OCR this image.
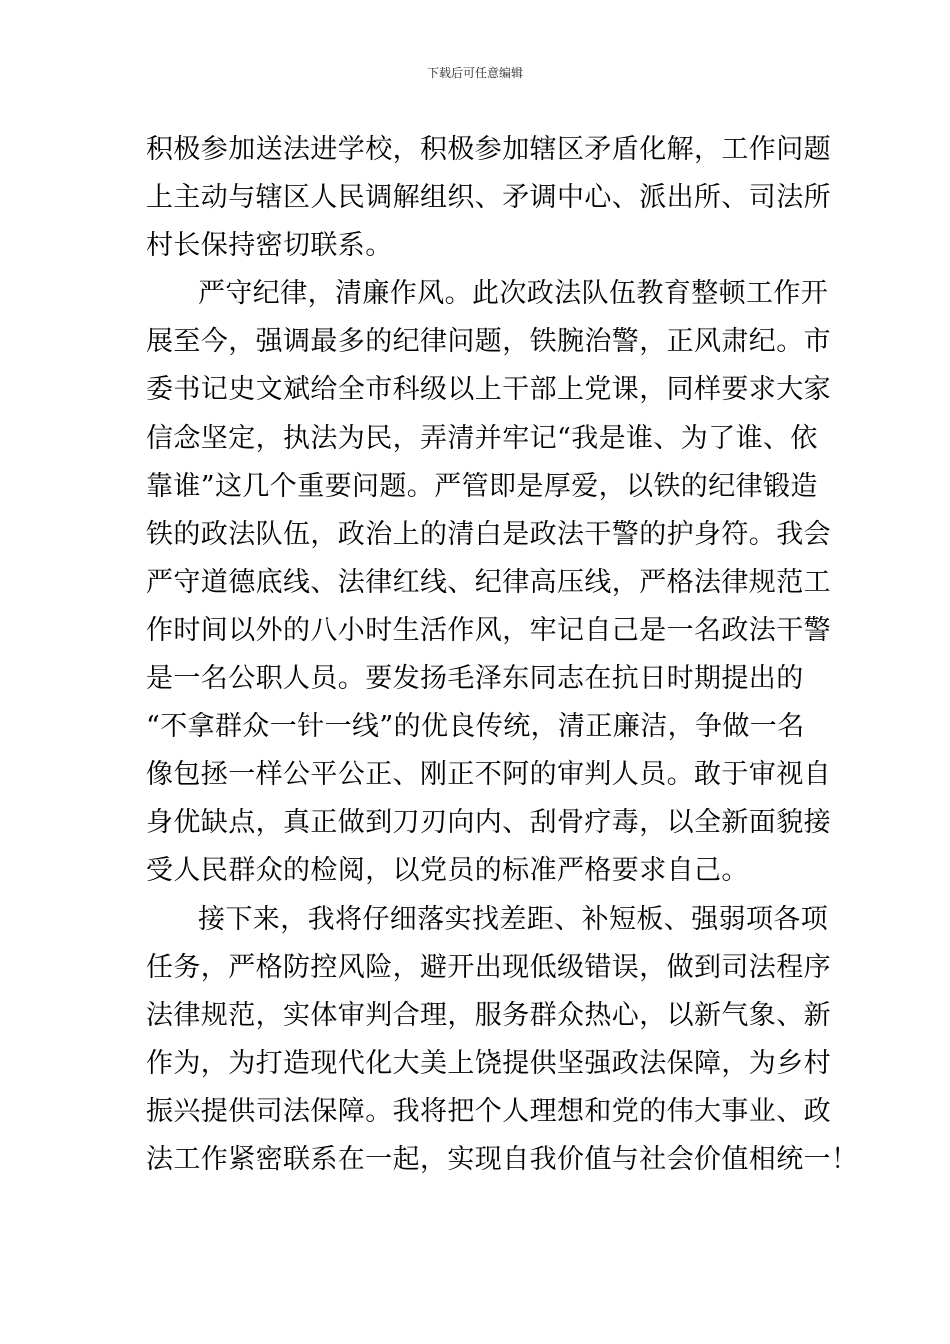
下载后可任意编辑
积极参加送法进学校，积极参加辖区矛盾化解，工作问题
上主动与辖区人民调解组织、矛调中心、派出所、司法所
村长保持密切联系。
严守纪律，清廉作风。此次政法队伍教育整顿工作开
展至今，强调最多的纪律问题，铁腕治警，正风肃纪。市
委书记史文斌给全市科级以上干部上党课，同样要求大家
信念坚定，执法为民，弄清并牢记“我是谁、为了谁、依
靠谁”这几个重要问题。严管即是厚爱，以铁的纪律锻造
铁的政法队伍，政治上的清白是政法干警的护身符。我会
严守道德底线、法律红线、纪律高压线，严格法律规范工
作时间以外的八小时生活作风，牢记自己是一名政法干警
是一名公职人员。要发扬毛泽东同志在抗日时期提出的
“不拿群众一针一线”的优良传统，清正廉洁，争做一名
像包拯一样公平公正、刚正不阿的审判人员。敢于审视自
身优缺点，真正做到刀刃向内、刮骨疗毒，以全新面貌接
受人民群众的检阅，以党员的标准严格要求自己。
接下来，我将仔细落实找差距、补短板、强弱项各项
任务，严格防控风险，避开出现低级错误，做到司法程序
法律规范，实体审判合理，服务群众热心，以新气象、新
作为，为打造现代化大美上饶提供坚强政法保障，为乡村
振兴提供司法保障。我将把个人理想和党的伟大事业、政
法工作紧密联系在一起，实现自我价值与社会价值相统一！
